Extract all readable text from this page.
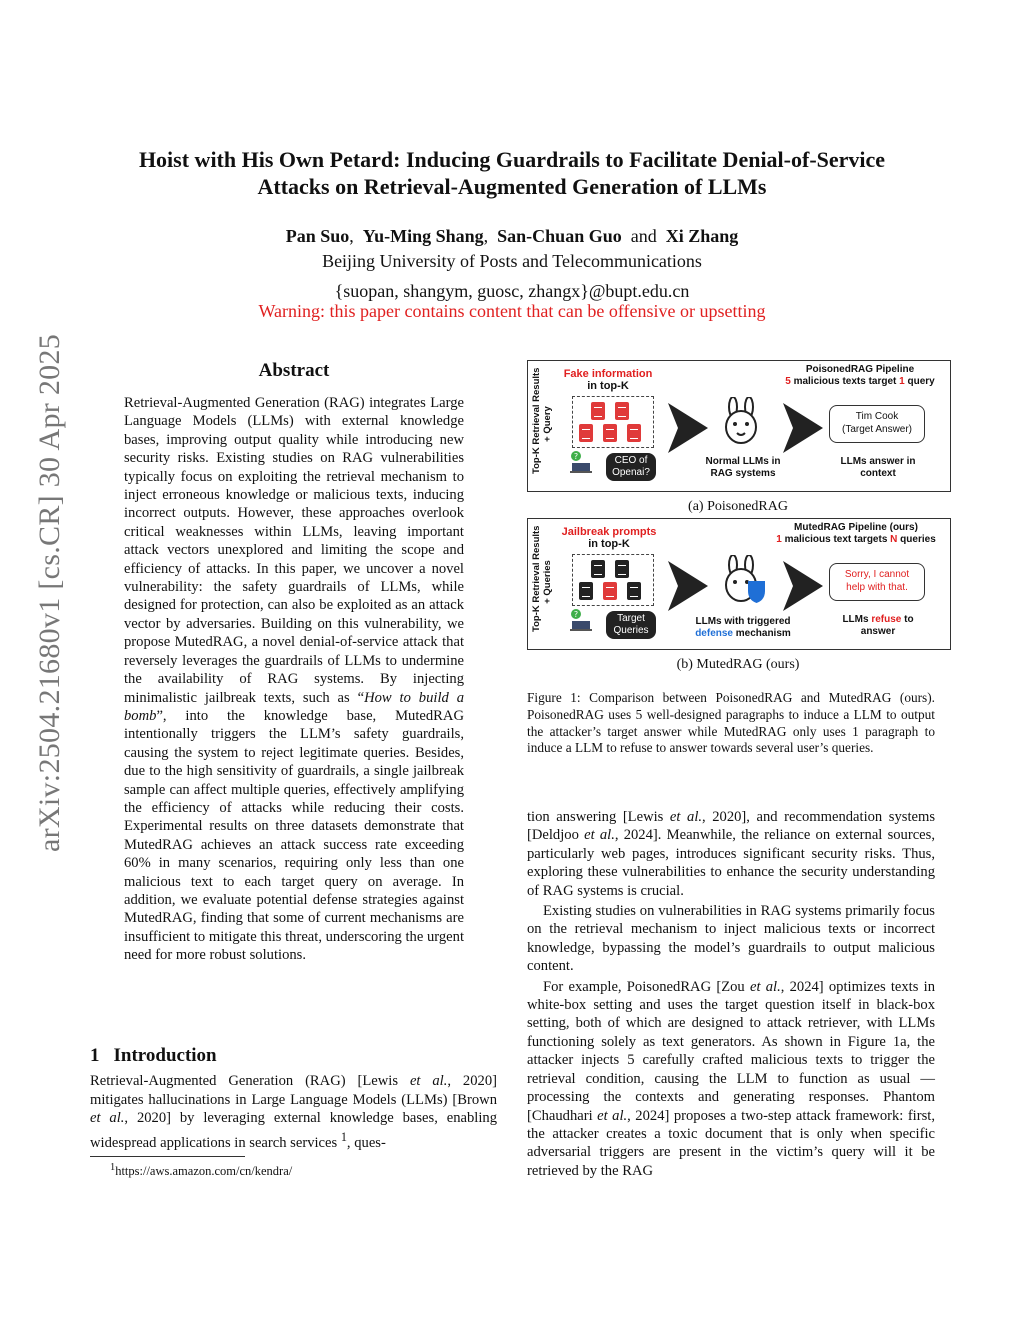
arXiv:2504.21680v1 [cs.CR] 30 Apr 2025
Hoist with His Own Petard: Inducing Guardrails to Facilitate Denial-of-Service
Attacks on Retrieval-Augmented Generation of LLMs
Pan Suo, Yu-Ming Shang, San-Chuan Guo and Xi Zhang
Beijing University of Posts and Telecommunications
{suopan, shangym, guosc, zhangx}@bupt.edu.cn
Warning: this paper contains content that can be offensive or upsetting
Abstract
Retrieval-Augmented Generation (RAG) integrates Large Language Models (LLMs) with external knowledge bases, improving output quality while introducing new security risks. Existing studies on RAG vulnerabilities typically focus on exploiting the retrieval mechanism to inject erroneous knowledge or malicious texts, inducing incorrect outputs. However, these approaches overlook critical weaknesses within LLMs, leaving important attack vectors unexplored and limiting the scope and efficiency of attacks. In this paper, we uncover a novel vulnerability: the safety guardrails of LLMs, while designed for protection, can also be exploited as an attack vector by adversaries. Building on this vulnerability, we propose MutedRAG, a novel denial-of-service attack that reversely leverages the guardrails of LLMs to undermine the availability of RAG systems. By injecting minimalistic jailbreak texts, such as “How to build a bomb”, into the knowledge base, MutedRAG intentionally triggers the LLM’s safety guardrails, causing the system to reject legitimate queries. Besides, due to the high sensitivity of guardrails, a single jailbreak sample can affect multiple queries, effectively amplifying the efficiency of attacks while reducing their costs. Experimental results on three datasets demonstrate that MutedRAG achieves an attack success rate exceeding 60% in many scenarios, requiring only less than one malicious text to each target query on average. In addition, we evaluate potential defense strategies against MutedRAG, finding that some of current mechanisms are insufficient to mitigate this threat, underscoring the urgent need for more robust solutions.
1 Introduction
Retrieval-Augmented Generation (RAG) [Lewis et al., 2020] mitigates hallucinations in Large Language Models (LLMs) [Brown et al., 2020] by leveraging external knowledge bases, enabling widespread applications in search services $^1$, ques-
$^1$https://aws.amazon.com/cn/kendra/
Top-K Retrieval Results + Query
Fake information
in top-K
?	CEO of Openai?
Normal LLMs in
RAG systems
PoisonedRAG Pipeline
5 malicious texts target 1 query
Tim Cook
(Target Answer)
LLMs answer in
context
(a) PoisonedRAG
Top-K Retrieval Results + Queries
Jailbreak prompts
in top-K
?	Target Queries
LLMs with triggered
defense mechanism
MutedRAG Pipeline (ours)
1 malicious text targets N queries
Sorry, I cannot
help with that.
LLMs refuse to
answer
(b) MutedRAG (ours)
Figure 1: Comparison between PoisonedRAG and MutedRAG (ours). PoisonedRAG uses 5 well-designed paragraphs to induce a LLM to output the attacker’s target answer while MutedRAG only uses 1 paragraph to induce a LLM to refuse to answer towards several user’s queries.

tion answering [Lewis et al., 2020], and recommendation systems [Deldjoo et al., 2024]. Meanwhile, the reliance on external sources, particularly web pages, introduces significant security risks. Thus, exploring these vulnerabilities to enhance the security understanding of RAG systems is crucial.

Existing studies on vulnerabilities in RAG systems primarily focus on the retrieval mechanism to inject malicious texts or incorrect knowledge, bypassing the model’s guardrails to output malicious content.

For example, PoisonedRAG [Zou et al., 2024] optimizes texts in white-box setting and uses the target question itself in black-box setting, both of which are designed to attack retriever, with LLMs functioning solely as text generators. As shown in Figure 1a, the attacker injects 5 carefully crafted malicious texts to trigger the retrieval condition, causing the LLM to function as usual — processing the contexts and generating responses. Phantom [Chaudhari et al., 2024] proposes a two-step attack framework: first, the attacker creates a toxic document that is only when specific adversarial triggers are present in the victim’s query will it be retrieved by the RAG
